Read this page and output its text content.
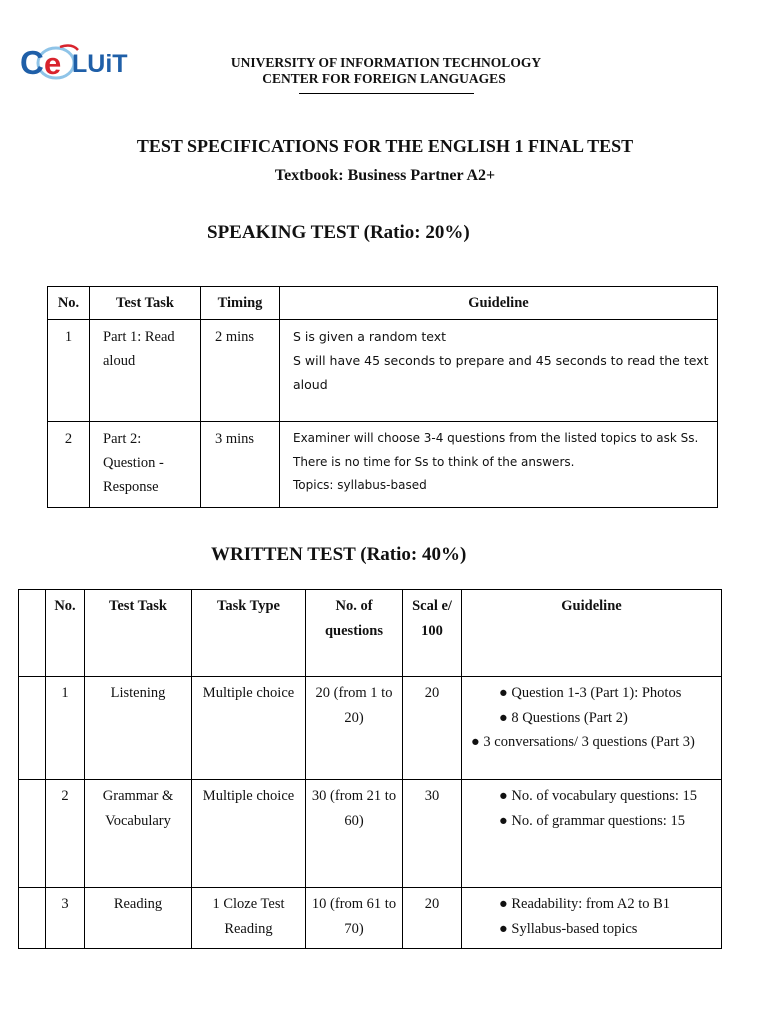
C e LUiT	UNIVERSITY OF INFORMATION TECHNOLOGY
CENTER FOR FOREIGN LANGUAGES
TEST SPECIFICATIONS FOR THE ENGLISH 1 FINAL TEST
Textbook: Business Partner A2+
SPEAKING TEST (Ratio: 20%)
No.	Test Task	Timing	Guideline
1	Part 1: Read aloud	2 mins	S is given a random text

S will have 45 seconds to prepare and 45 seconds to read the text aloud

2	Part 2: Question - Response	3 mins	Examiner will choose 3-4 questions from the listed topics to ask Ss. There is no time for Ss to think of the answers.

Topics: syllabus-based

WRITTEN TEST (Ratio: 40%)
	No.	Test Task	Task Type	No. of questions	Scal e/ 100	Guideline
	1	Listening	Multiple choice	20 (from 1 to 20)	20	● Question 1-3 (Part 1): Photos
● 8 Questions (Part 2)
● 3 conversations/ 3 questions (Part 3)

	2	Grammar & Vocabulary	Multiple choice	30 (from 21 to 60)	30	● No. of vocabulary questions: 15
● No. of grammar questions: 15

	3	Reading	1 Cloze Test Reading	10 (from 61 to 70)	20	● Readability: from A2 to B1
● Syllabus-based topics
